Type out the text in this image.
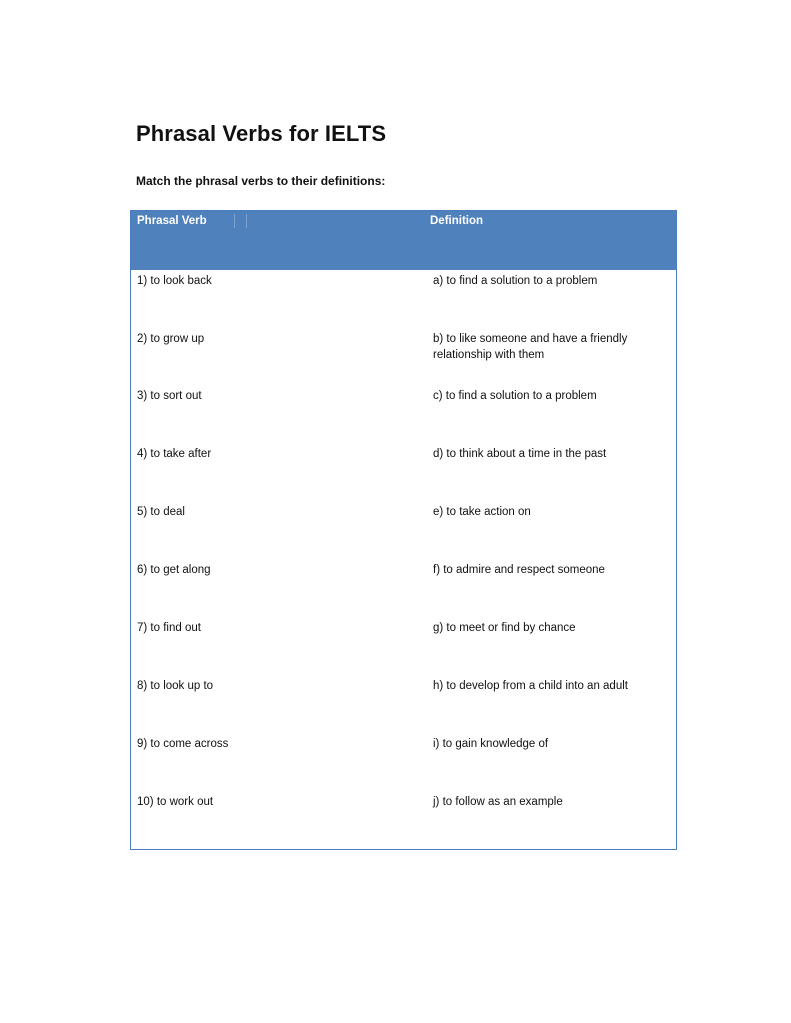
Phrasal Verbs for IELTS

Match the phrasal verbs to their definitions:

Phrasal Verb	Definition
1) to look back	a) to find a solution to a problem
2) to grow up	b) to like someone and have a friendly relationship with them
3) to sort out	c) to find a solution to a problem
4) to take after	d) to think about a time in the past
5) to deal	e) to take action on
6) to get along	f) to admire and respect someone
7) to find out	g) to meet or find by chance
8) to look up to	h) to develop from a child into an adult
9) to come across	i) to gain knowledge of
10) to work out	j) to follow as an example
